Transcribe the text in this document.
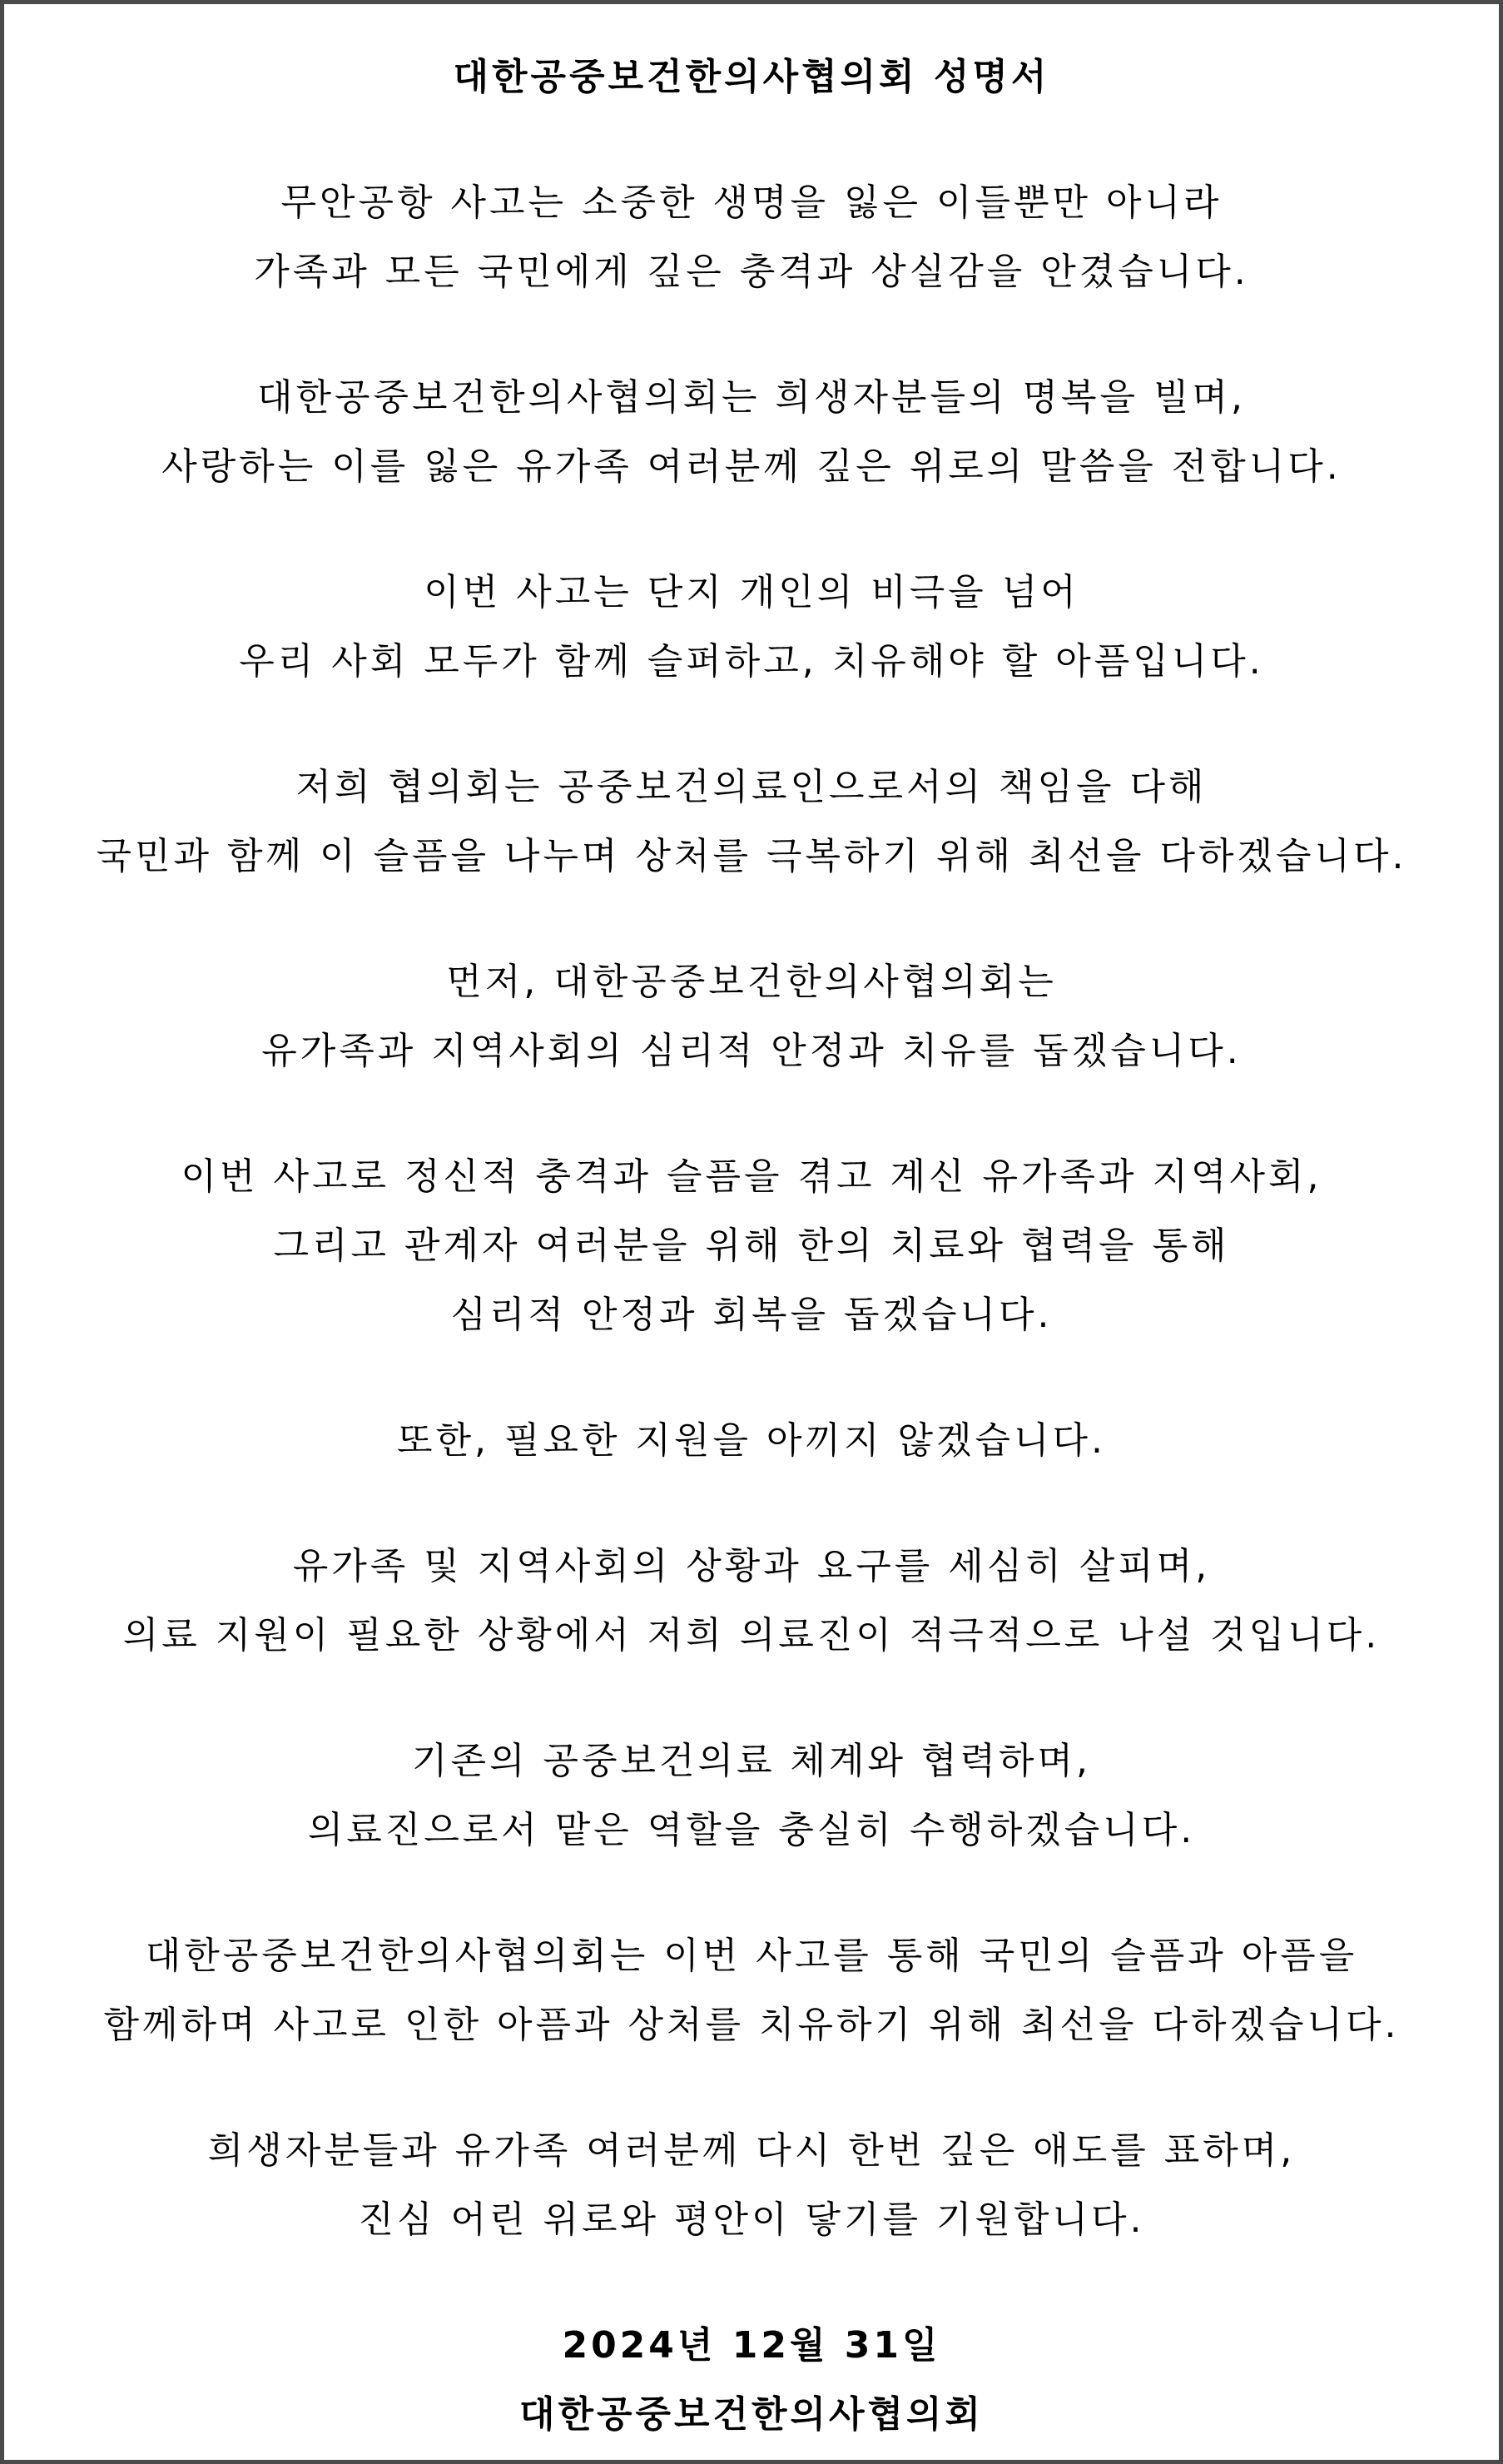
대한공중보건한의사협의회 성명서
무안공항 사고는 소중한 생명을 잃은 이들뿐만 아니라
가족과 모든 국민에게 깊은 충격과 상실감을 안겼습니다.
대한공중보건한의사협의회는 희생자분들의 명복을 빌며,
사랑하는 이를 잃은 유가족 여러분께 깊은 위로의 말씀을 전합니다.
이번 사고는 단지 개인의 비극을 넘어
우리 사회 모두가 함께 슬퍼하고, 치유해야 할 아픔입니다.
저희 협의회는 공중보건의료인으로서의 책임을 다해
국민과 함께 이 슬픔을 나누며 상처를 극복하기 위해 최선을 다하겠습니다.
먼저, 대한공중보건한의사협의회는
유가족과 지역사회의 심리적 안정과 치유를 돕겠습니다.
이번 사고로 정신적 충격과 슬픔을 겪고 계신 유가족과 지역사회,
그리고 관계자 여러분을 위해 한의 치료와 협력을 통해
심리적 안정과 회복을 돕겠습니다.
또한, 필요한 지원을 아끼지 않겠습니다.
유가족 및 지역사회의 상황과 요구를 세심히 살피며,
의료 지원이 필요한 상황에서 저희 의료진이 적극적으로 나설 것입니다.
기존의 공중보건의료 체계와 협력하며,
의료진으로서 맡은 역할을 충실히 수행하겠습니다.
대한공중보건한의사협의회는 이번 사고를 통해 국민의 슬픔과 아픔을
함께하며 사고로 인한 아픔과 상처를 치유하기 위해 최선을 다하겠습니다.
희생자분들과 유가족 여러분께 다시 한번 깊은 애도를 표하며,
진심 어린 위로와 평안이 닿기를 기원합니다.
2024년 12월 31일
대한공중보건한의사협의회
